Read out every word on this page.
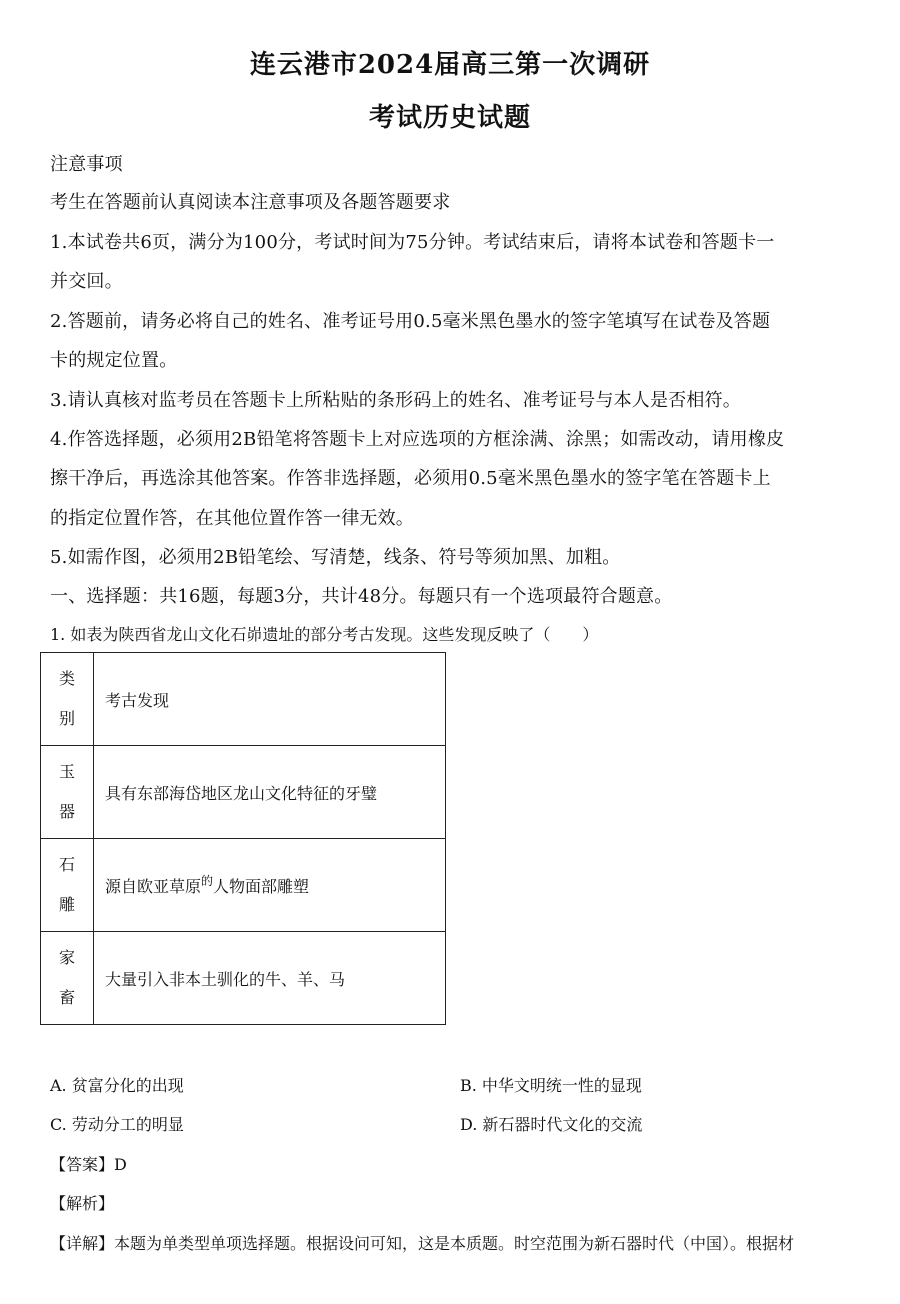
连云港市2024届高三第一次调研
考试历史试题
注意事项
考生在答题前认真阅读本注意事项及各题答题要求
1.本试卷共6页，满分为100分，考试时间为75分钟。考试结束后，请将本试卷和答题卡一
并交回。
2.答题前，请务必将自己的姓名、准考证号用0.5毫米黑色墨水的签字笔填写在试卷及答题
卡的规定位置。
3.请认真核对监考员在答题卡上所粘贴的条形码上的姓名、准考证号与本人是否相符。
4.作答选择题，必须用2B铅笔将答题卡上对应选项的方框涂满、涂黑；如需改动，请用橡皮
擦干净后，再选涂其他答案。作答非选择题，必须用0.5毫米黑色墨水的签字笔在答题卡上
的指定位置作答，在其他位置作答一律无效。
5.如需作图，必须用2B铅笔绘、写清楚，线条、符号等须加黑、加粗。
一、选择题：共16题，每题3分，共计48分。每题只有一个选项最符合题意。
1. 如表为陕西省龙山文化石峁遗址的部分考古发现。这些发现反映了（　　）
类别	考古发现
玉器	具有东部海岱地区龙山文化特征的牙璧
石雕	源自欧亚草原$^的$人物面部雕塑
家畜	大量引入非本土驯化的牛、羊、马
A. 贫富分化的出现	B. 中华文明统一性的显现
C. 劳动分工的明显	D. 新石器时代文化的交流
【答案】D
【解析】
【详解】本题为单类型单项选择题。根据设问可知，这是本质题。时空范围为新石器时代（中国）。根据材
